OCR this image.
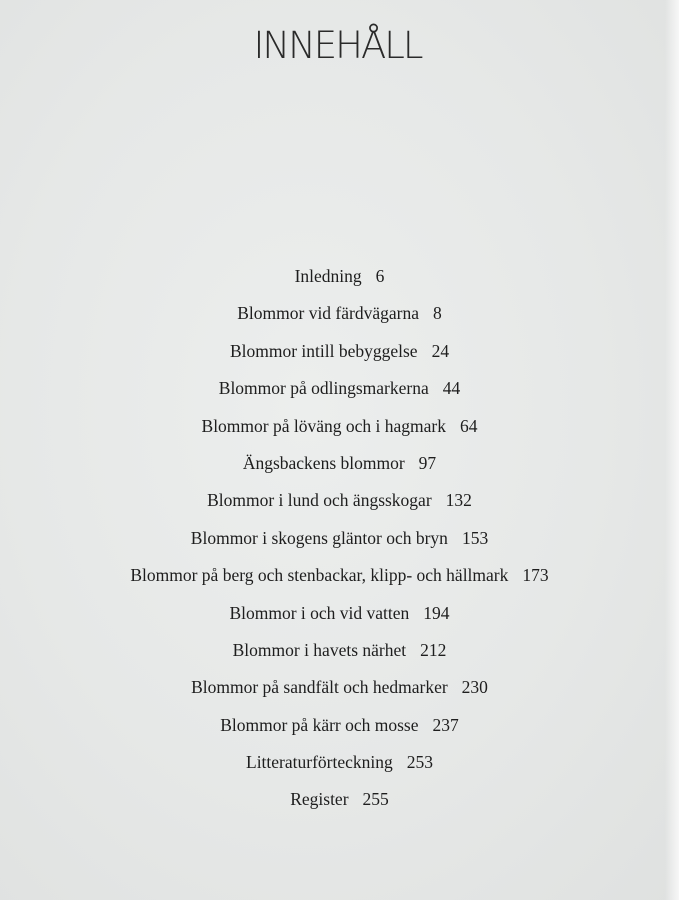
INNEHÅLL
Inledning 6
Blommor vid färdvägarna 8
Blommor intill bebyggelse 24
Blommor på odlingsmarkerna 44
Blommor på löväng och i hagmark 64
Ängsbackens blommor 97
Blommor i lund och ängsskogar 132
Blommor i skogens gläntor och bryn 153
Blommor på berg och stenbackar, klipp- och hällmark 173
Blommor i och vid vatten 194
Blommor i havets närhet 212
Blommor på sandfält och hedmarker 230
Blommor på kärr och mosse 237
Litteraturförteckning 253
Register 255
